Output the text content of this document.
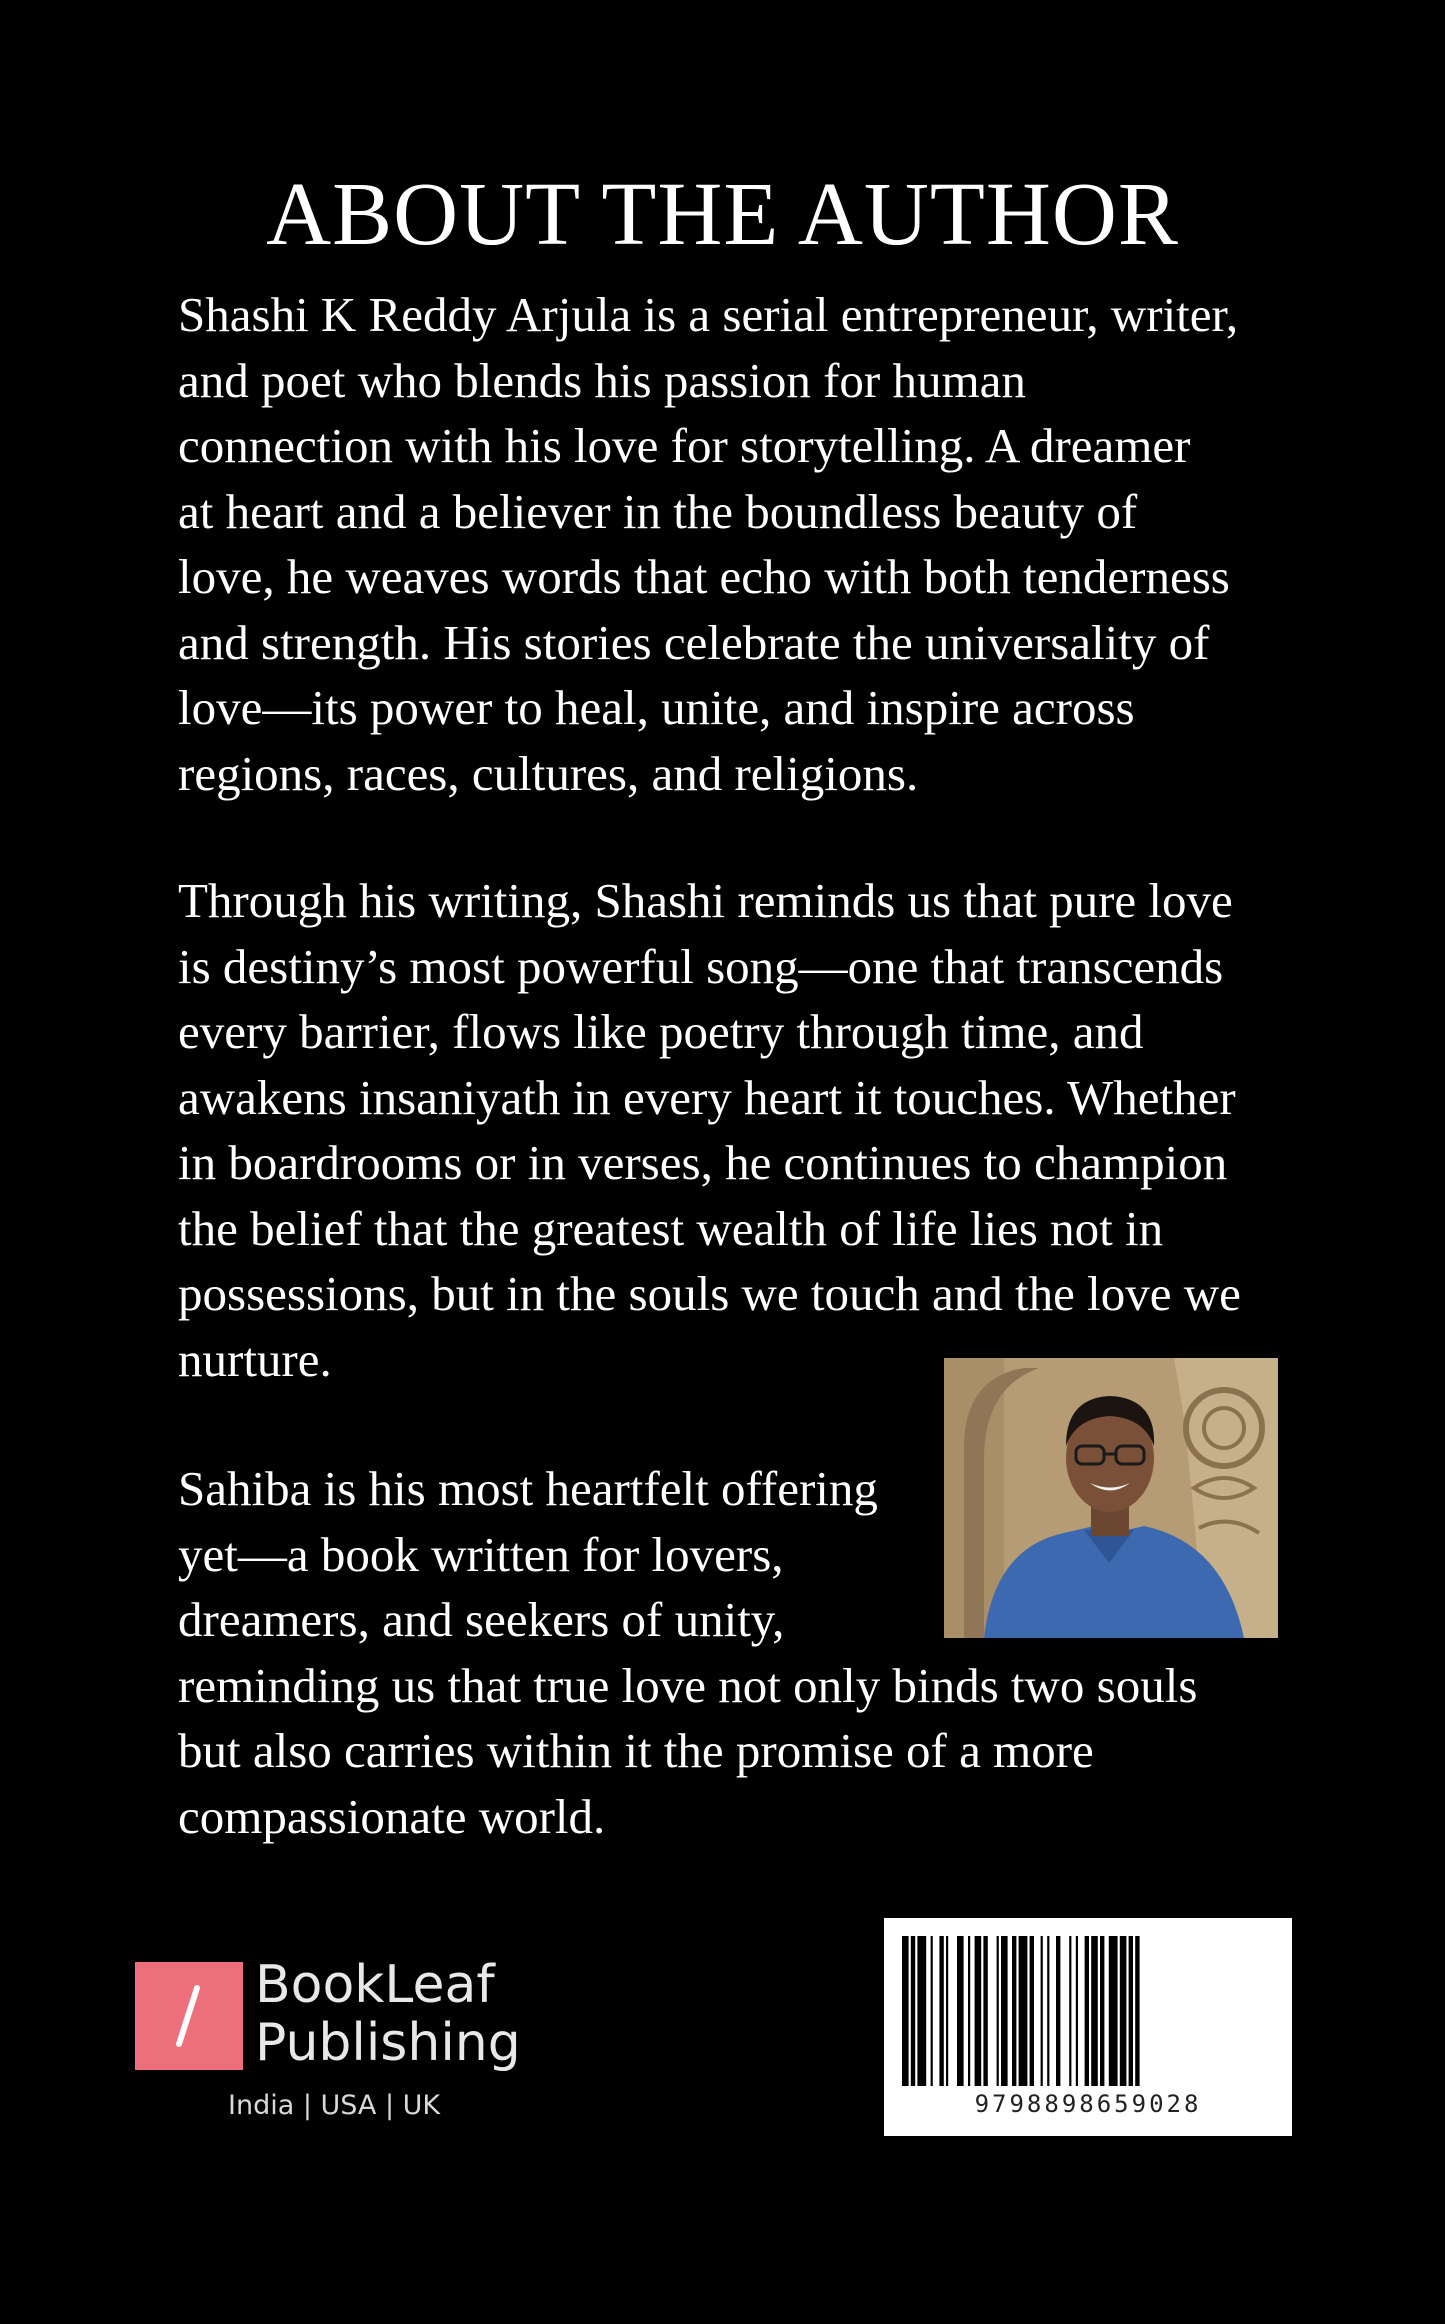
ABOUT THE AUTHOR

Shashi K Reddy Arjula is a serial entrepreneur, writer,
and poet who blends his passion for human
connection with his love for storytelling. A dreamer
at heart and a believer in the boundless beauty of
love, he weaves words that echo with both tenderness
and strength. His stories celebrate the universality of
love—its power to heal, unite, and inspire across
regions, races, cultures, and religions.

Through his writing, Shashi reminds us that pure love
is destiny’s most powerful song—one that transcends
every barrier, flows like poetry through time, and
awakens insaniyath in every heart it touches. Whether
in boardrooms or in verses, he continues to champion
the belief that the greatest wealth of life lies not in
possessions, but in the souls we touch and the love we
nurture.

Sahiba is his most heartfelt offering
yet—a book written for lovers,
dreamers, and seekers of unity,
reminding us that true love not only binds two souls
but also carries within it the promise of a more
compassionate world.

BookLeaf
Publishing
India | USA | UK	9798898659028
